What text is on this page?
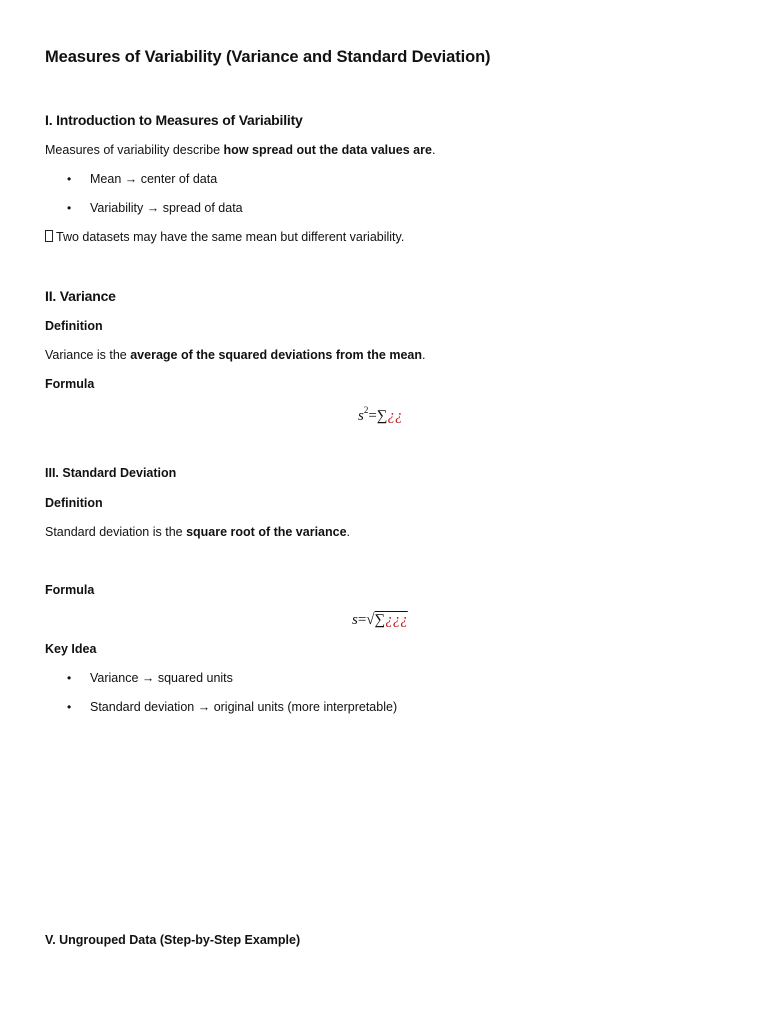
Measures of Variability (Variance and Standard Deviation)
I. Introduction to Measures of Variability
Measures of variability describe how spread out the data values are.
•	Mean → center of data
•	Variability → spread of data
Two datasets may have the same mean but different variability.
II. Variance
Definition
Variance is the average of the squared deviations from the mean.
Formula
$s^2=\sum¿¿$
III. Standard Deviation
Definition
Standard deviation is the square root of the variance.
Formula
s=√∑¿¿¿
Key Idea
•	Variance → squared units
•	Standard deviation → original units (more interpretable)
V. Ungrouped Data (Step-by-Step Example)
